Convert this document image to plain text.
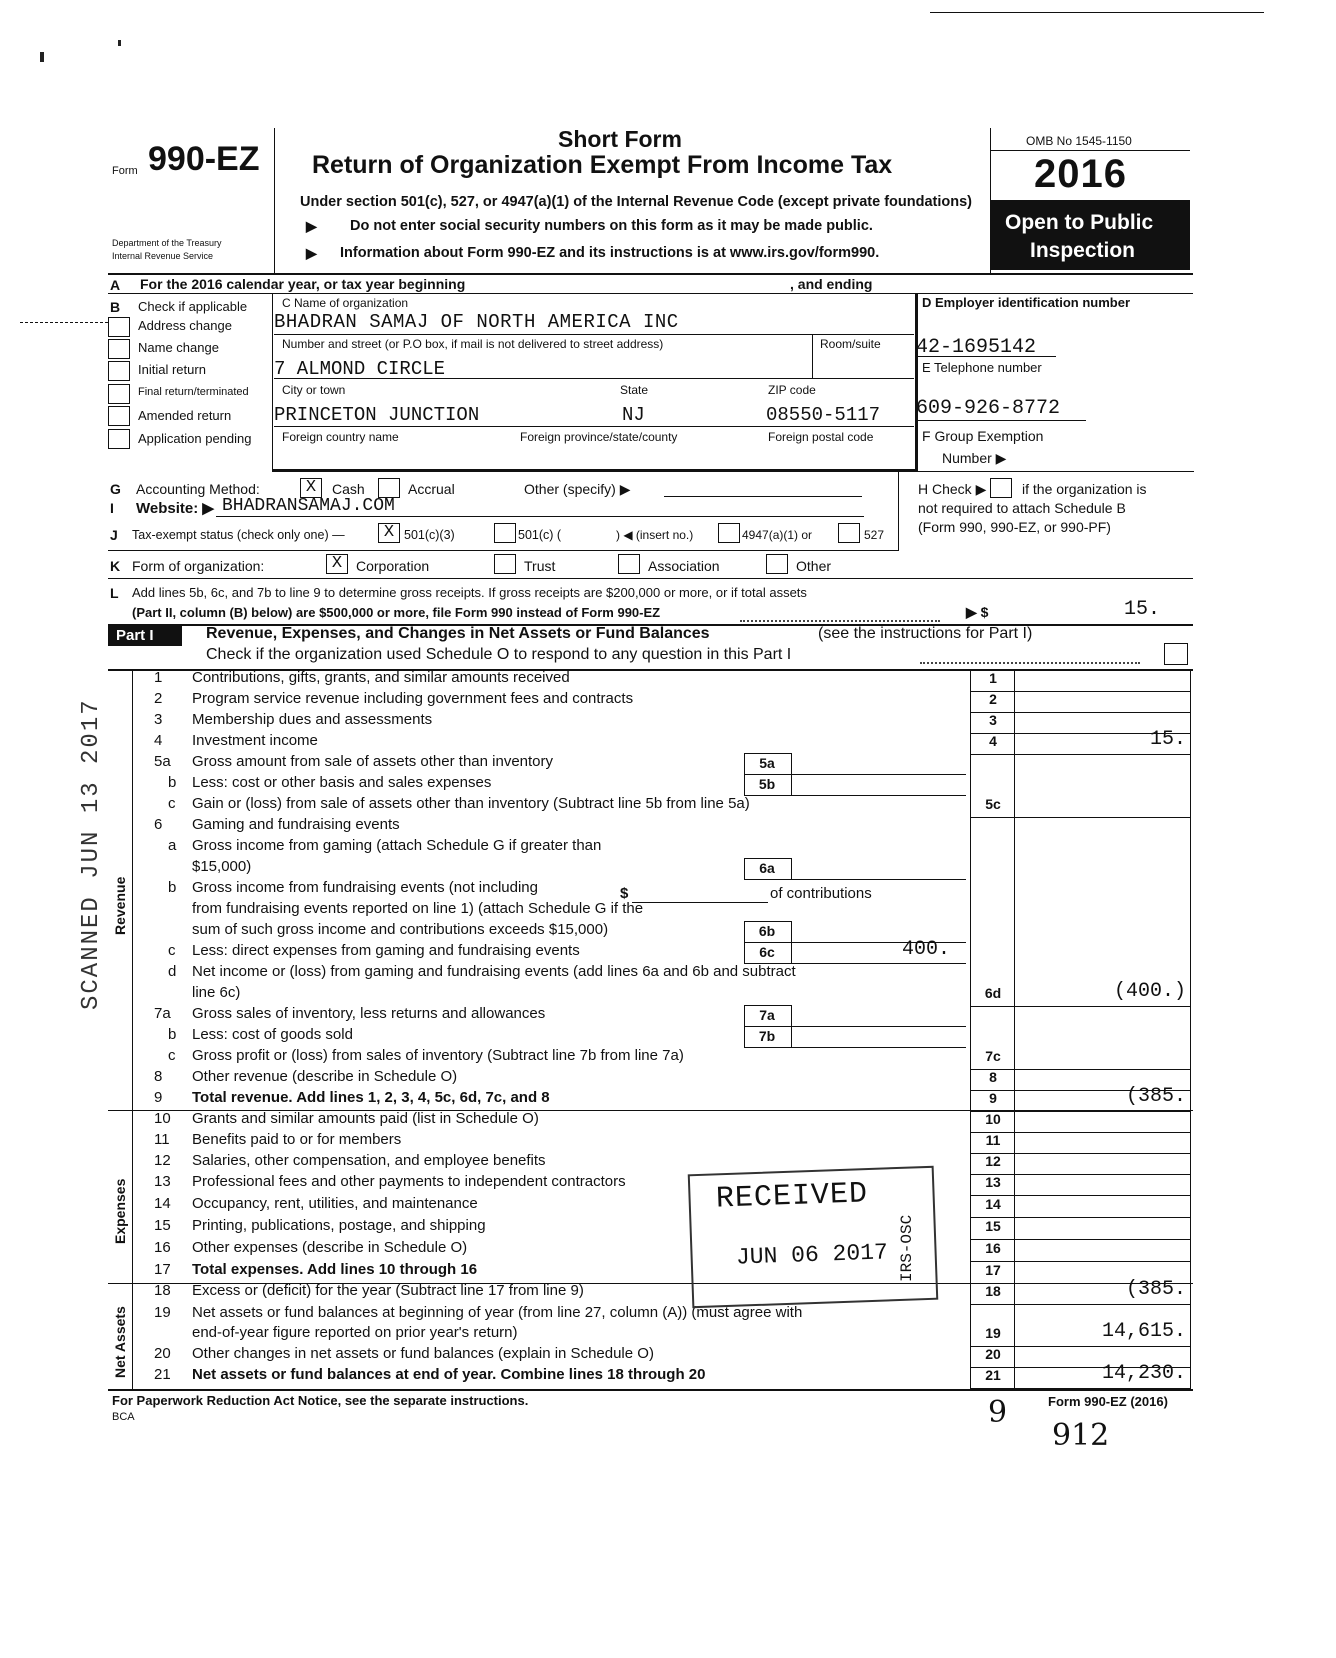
Form 990-EZ
Department of the Treasury
Internal Revenue Service
Short Form
Return of Organization Exempt From Income Tax
Under section 501(c), 527, or 4947(a)(1) of the Internal Revenue Code (except private foundations)
▶ Do not enter social security numbers on this form as it may be made public.
▶ Information about Form 990-EZ and its instructions is at www.irs.gov/form990.
OMB No 1545-1150
2016
Open to Public
Inspection
A For the 2016 calendar year, or tax year beginning	, and ending
B Check if applicable
Address change
Name change
Initial return
Final return/terminated
Amended return
Application pending
C Name of organization
BHADRAN SAMAJ OF NORTH AMERICA INC
Number and street (or P.O box, if mail is not delivered to street address)	Room/suite
7 ALMOND CIRCLE
City or town	State	ZIP code
PRINCETON JUNCTION	NJ	08550-5117
Foreign country name	Foreign province/state/county	Foreign postal code
D Employer identification number
42-1695142
E Telephone number
609-926-8772
F Group Exemption
Number ▶
G Accounting Method:	X	Cash	Accrual	Other (specify) ▶	H Check ▶	if the organization is
not required to attach Schedule B
(Form 990, 990-EZ, or 990-PF)
I Website: ▶ BHADRANSAMAJ.COM
J Tax-exempt status (check only one) —	X 501(c)(3)	501(c) (	) ◀ (insert no.)	4947(a)(1) or	527
K Form of organization:	X Corporation	Trust	Association	Other
L Add lines 5b, 6c, and 7b to line 9 to determine gross receipts. If gross receipts are $200,000 or more, or if total assets
(Part II, column (B) below) are $500,000 or more, file Form 990 instead of Form 990-EZ	▶ $	15.
Part I	Revenue, Expenses, and Changes in Net Assets or Fund Balances	(see the instructions for Part I)
Check if the organization used Schedule O to respond to any question in this Part I
Revenue
Expenses
Net Assets
1 Contributions, gifts, grants, and similar amounts received	1
2 Program service revenue including government fees and contracts	2
3 Membership dues and assessments	3
4 Investment income	4	15.
5a Gross amount from sale of assets other than inventory	5a
b Less: cost or other basis and sales expenses	5b
c Gain or (loss) from sale of assets other than inventory (Subtract line 5b from line 5a)	5c
6 Gaming and fundraising events
a Gross income from gaming (attach Schedule G if greater than
$15,000)	6a
b Gross income from fundraising events (not including
from fundraising events reported on line 1) (attach Schedule G if the
sum of such gross income and contributions exceeds $15,000)	6b
c Less: direct expenses from gaming and fundraising events	6c	400.
d Net income or (loss) from gaming and fundraising events (add lines 6a and 6b and subtract
line 6c)	6d	(400.)
7a Gross sales of inventory, less returns and allowances	7a
b Less: cost of goods sold	7b
c Gross profit or (loss) from sales of inventory (Subtract line 7b from line 7a)	7c
8 Other revenue (describe in Schedule O)	8
9 Total revenue. Add lines 1, 2, 3, 4, 5c, 6d, 7c, and 8	9	(385.
10 Grants and similar amounts paid (list in Schedule O)	10
11 Benefits paid to or for members	11
12 Salaries, other compensation, and employee benefits	12
13 Professional fees and other payments to independent contractors	13
14 Occupancy, rent, utilities, and maintenance	14
15 Printing, publications, postage, and shipping	15
16 Other expenses (describe in Schedule O)	16
17 Total expenses. Add lines 10 through 16	17
18 Excess or (deficit) for the year (Subtract line 17 from line 9)	18	(385.
19 Net assets or fund balances at beginning of year (from line 27, column (A)) (must agree with
end-of-year figure reported on prior year's return)	19	14,615.
20 Other changes in net assets or fund balances (explain in Schedule O)	20
21 Net assets or fund balances at end of year. Combine lines 18 through 20	21	14,230.
$	of contributions
RECEIVED
JUN 06 2017 IRS-OSC
SCANNED JUN 13 2017
For Paperwork Reduction Act Notice, see the separate instructions.
BCA
Form 990-EZ (2016)
9
912
